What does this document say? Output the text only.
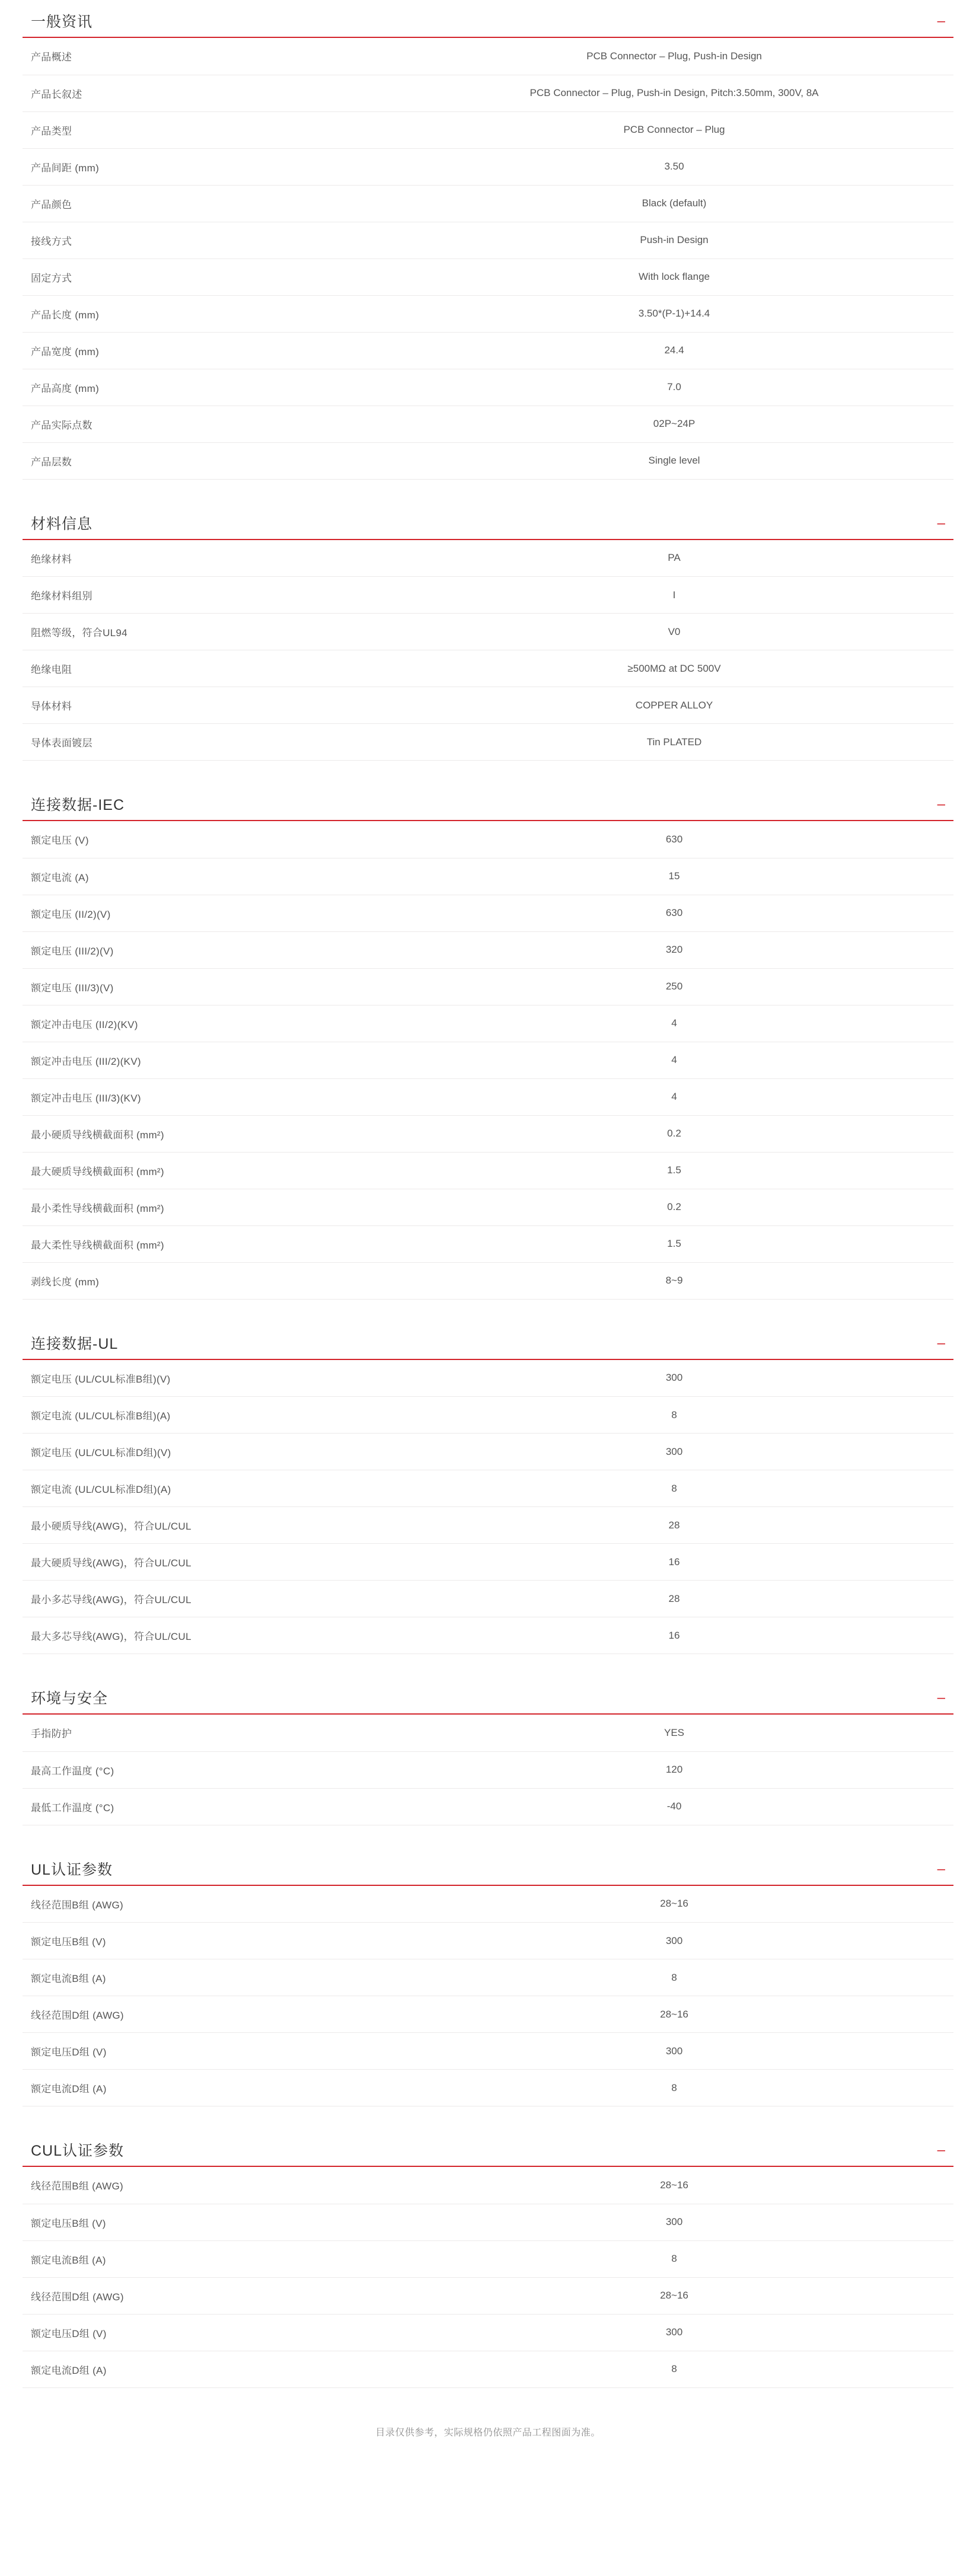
一般资讯	–
产品概述	PCB Connector – Plug, Push-in Design
产品长叙述	PCB Connector – Plug, Push-in Design, Pitch:3.50mm, 300V, 8A
产品类型	PCB Connector – Plug
产品间距 (mm)	3.50
产品颜色	Black (default)
接线方式	Push-in Design
固定方式	With lock flange
产品长度 (mm)	3.50*(P-1)+14.4
产品宽度 (mm)	24.4
产品高度 (mm)	7.0
产品实际点数	02P~24P
产品层数	Single level
材料信息	–
绝缘材料	PA
绝缘材料组别	I
阻燃等级，符合UL94	V0
绝缘电阻	≥500MΩ at DC 500V
导体材料	COPPER ALLOY
导体表面镀层	Tin PLATED
连接数据-IEC	–
额定电压 (V)	630
额定电流 (A)	15
额定电压 (II/2)(V)	630
额定电压 (III/2)(V)	320
额定电压 (III/3)(V)	250
额定冲击电压 (II/2)(KV)	4
额定冲击电压 (III/2)(KV)	4
额定冲击电压 (III/3)(KV)	4
最小硬质导线横截面积 (mm²)	0.2
最大硬质导线横截面积 (mm²)	1.5
最小柔性导线横截面积 (mm²)	0.2
最大柔性导线横截面积 (mm²)	1.5
剥线长度 (mm)	8~9
连接数据-UL	–
额定电压 (UL/CUL标准B组)(V)	300
额定电流 (UL/CUL标准B组)(A)	8
额定电压 (UL/CUL标准D组)(V)	300
额定电流 (UL/CUL标准D组)(A)	8
最小硬质导线(AWG)，符合UL/CUL	28
最大硬质导线(AWG)，符合UL/CUL	16
最小多芯导线(AWG)，符合UL/CUL	28
最大多芯导线(AWG)，符合UL/CUL	16
环境与安全	–
手指防护	YES
最高工作温度 (°C)	120
最低工作温度 (°C)	-40
UL认证参数	–
线径范围B组 (AWG)	28~16
额定电压B组 (V)	300
额定电流B组 (A)	8
线径范围D组 (AWG)	28~16
额定电压D组 (V)	300
额定电流D组 (A)	8
CUL认证参数	–
线径范围B组 (AWG)	28~16
额定电压B组 (V)	300
额定电流B组 (A)	8
线径范围D组 (AWG)	28~16
额定电压D组 (V)	300
额定电流D组 (A)	8
目录仅供参考，实际规格仍依照产品工程图面为准。
